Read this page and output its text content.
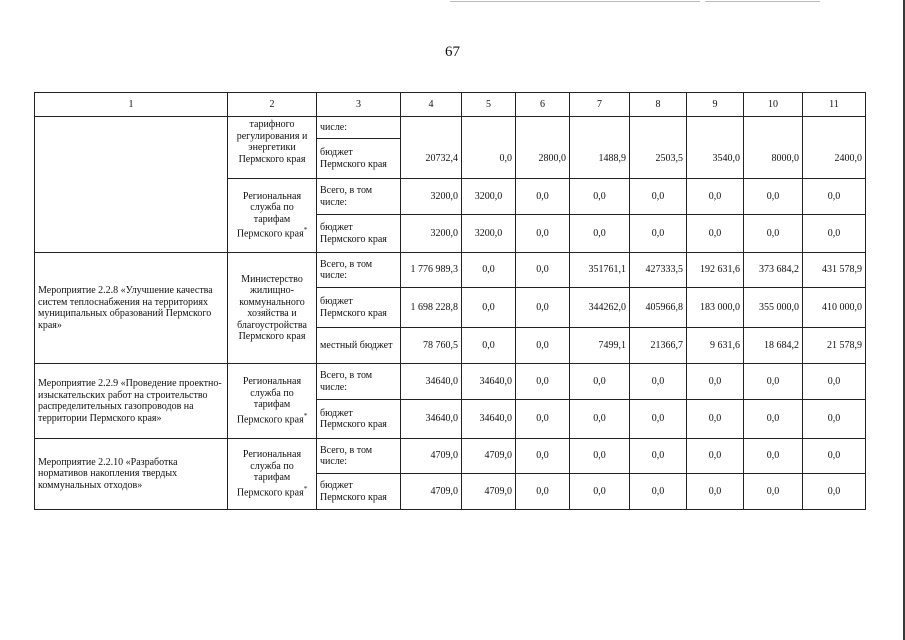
67
1	2	3	4	5	6	7	8	9	10	11
	тарифного регулирования и энергетики Пермского края	числе:								
		бюджет Пермского края	20732,4	0,0	2800,0	1488,9	2503,5	3540,0	8000,0	2400,0
	Региональная служба по тарифам Пермского края*	Всего, в том числе:	3200,0	3200,0	0,0	0,0	0,0	0,0	0,0	0,0
		бюджет Пермского края	3200,0	3200,0	0,0	0,0	0,0	0,0	0,0	0,0
Мероприятие 2.2.8 «Улучшение качества систем теплоснабжения на территориях муниципальных образований Пермского края»	Министерство жилищно-коммунального хозяйства и благоустройства Пермского края	Всего, в том числе:	1 776 989,3	0,0	0,0	351761,1	427333,5	192 631,6	373 684,2	431 578,9
		бюджет Пермского края	1 698 228,8	0,0	0,0	344262,0	405966,8	183 000,0	355 000,0	410 000,0
		местный бюджет	78 760,5	0,0	0,0	7499,1	21366,7	9 631,6	18 684,2	21 578,9
Мероприятие 2.2.9 «Проведение проектно-изыскательских работ на строительство распределительных газопроводов на территории Пермского края»	Региональная служба по тарифам Пермского края*	Всего, в том числе:	34640,0	34640,0	0,0	0,0	0,0	0,0	0,0	0,0
		бюджет Пермского края	34640,0	34640,0	0,0	0,0	0,0	0,0	0,0	0,0
Мероприятие 2.2.10 «Разработка нормативов накопления твердых коммунальных отходов»	Региональная служба по тарифам Пермского края*	Всего, в том числе:	4709,0	4709,0	0,0	0,0	0,0	0,0	0,0	0,0
		бюджет Пермского края	4709,0	4709,0	0,0	0,0	0,0	0,0	0,0	0,0
